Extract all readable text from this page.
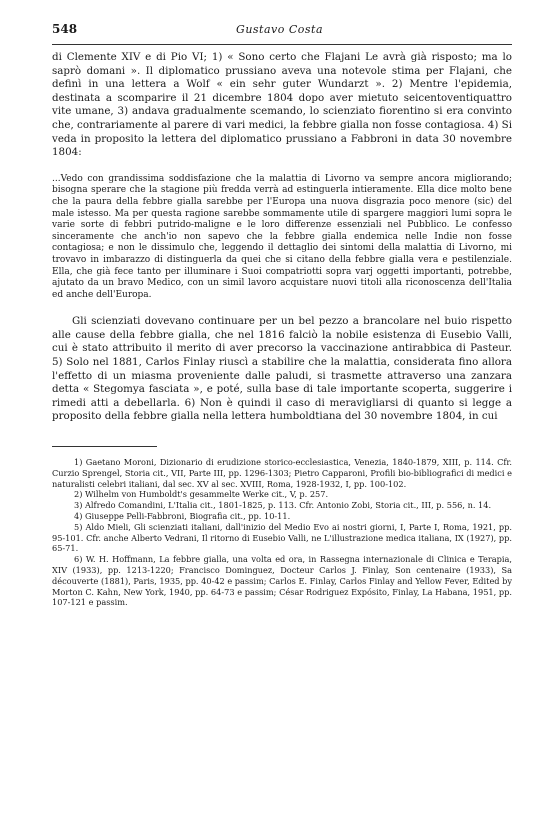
548	Gustavo Costa

di Clemente XIV e di Pio VI; 1) « Sono certo che Flajani Le avrà già risposto; ma lo saprò domani ». Il diplomatico prussiano aveva una notevole stima per Flajani, che definì in una lettera a Wolf « ein sehr guter Wundarzt ». 2) Mentre l'epidemia, destinata a scomparire il 21 dicembre 1804 dopo aver mietuto seicentoventiquattro vite umane, 3) andava gradualmente scemando, lo scienziato fiorentino si era convinto che, contrariamente al parere di vari medici, la febbre gialla non fosse contagiosa. 4) Si veda in proposito la lettera del diplomatico prussiano a Fabbroni in data 30 novembre 1804:

...Vedo con grandissima soddisfazione che la malattia di Livorno va sempre ancora migliorando; bisogna sperare che la stagione più fredda verrà ad estinguerla intieramente. Ella dice molto bene che la paura della febbre gialla sarebbe per l'Europa una nuova disgrazia poco menore (sic) del male istesso. Ma per questa ragione sarebbe sommamente utile di spargere maggiori lumi sopra le varie sorte di febbri putrido-maligne e le loro differenze essenziali nel Pubblico. Le confesso sinceramente che anch'io non sapevo che la febbre gialla endemica nelle Indie non fosse contagiosa; e non le dissimulo che, leggendo il dettaglio dei sintomi della malattia di Livorno, mi trovavo in imbarazzo di distinguerla da quei che si citano della febbre gialla vera e pestilenziale. Ella, che già fece tanto per illuminare i Suoi compatriotti sopra varj oggetti importanti, potrebbe, ajutato da un bravo Medico, con un simil lavoro acquistare nuovi titoli alla riconoscenza dell'Italia ed anche dell'Europa.

Gli scienziati dovevano continuare per un bel pezzo a brancolare nel buio rispetto alle cause della febbre gialla, che nel 1816 falciò la nobile esistenza di Eusebio Valli, cui è stato attribuito il merito di aver precorso la vaccinazione antirabbica di Pasteur. 5) Solo nel 1881, Carlos Finlay riuscì a stabilire che la malattia, considerata fino allora l'effetto di un miasma proveniente dalle paludi, si trasmette attraverso una zanzara detta « Stegomya fasciata », e poté, sulla base di tale importante scoperta, suggerire i rimedi atti a debellarla. 6) Non è quindi il caso di meravigliarsi di quanto si legge a proposito della febbre gialla nella lettera humboldtiana del 30 novembre 1804, in cui

1) Gaetano Moroni, Dizionario di erudizione storico-ecclesiastica, Venezia, 1840-1879, XIII, p. 114. Cfr. Curzio Sprengel, Storia cit., VII, Parte III, pp. 1296-1303; Pietro Capparoni, Profili bio-bibliografici di medici e naturalisti celebri italiani, dal sec. XV al sec. XVIII, Roma, 1928-1932, I, pp. 100-102.

2) Wilhelm von Humboldt's gesammelte Werke cit., V, p. 257.

3) Alfredo Comandini, L'Italia cit., 1801-1825, p. 113. Cfr. Antonio Zobi, Storia cit., III, p. 556, n. 14.

4) Giuseppe Pelli-Fabbroni, Biografia cit., pp. 10-11.

5) Aldo Mieli, Gli scienziati italiani, dall'inizio del Medio Evo ai nostri giorni, I, Parte I, Roma, 1921, pp. 95-101. Cfr. anche Alberto Vedrani, Il ritorno di Eusebio Valli, ne L'illustrazione medica italiana, IX (1927), pp. 65-71.

6) W. H. Hoffmann, La febbre gialla, una volta ed ora, in Rassegna internazionale di Clinica e Terapia, XIV (1933), pp. 1213-1220; Francisco Dominguez, Docteur Carlos J. Finlay, Son centenaire (1933), Sa découverte (1881), Paris, 1935, pp. 40-42 e passim; Carlos E. Finlay, Carlos Finlay and Yellow Fever, Edited by Morton C. Kahn, New York, 1940, pp. 64-73 e passim; César Rodriguez Expósito, Finlay, La Habana, 1951, pp. 107-121 e passim.
